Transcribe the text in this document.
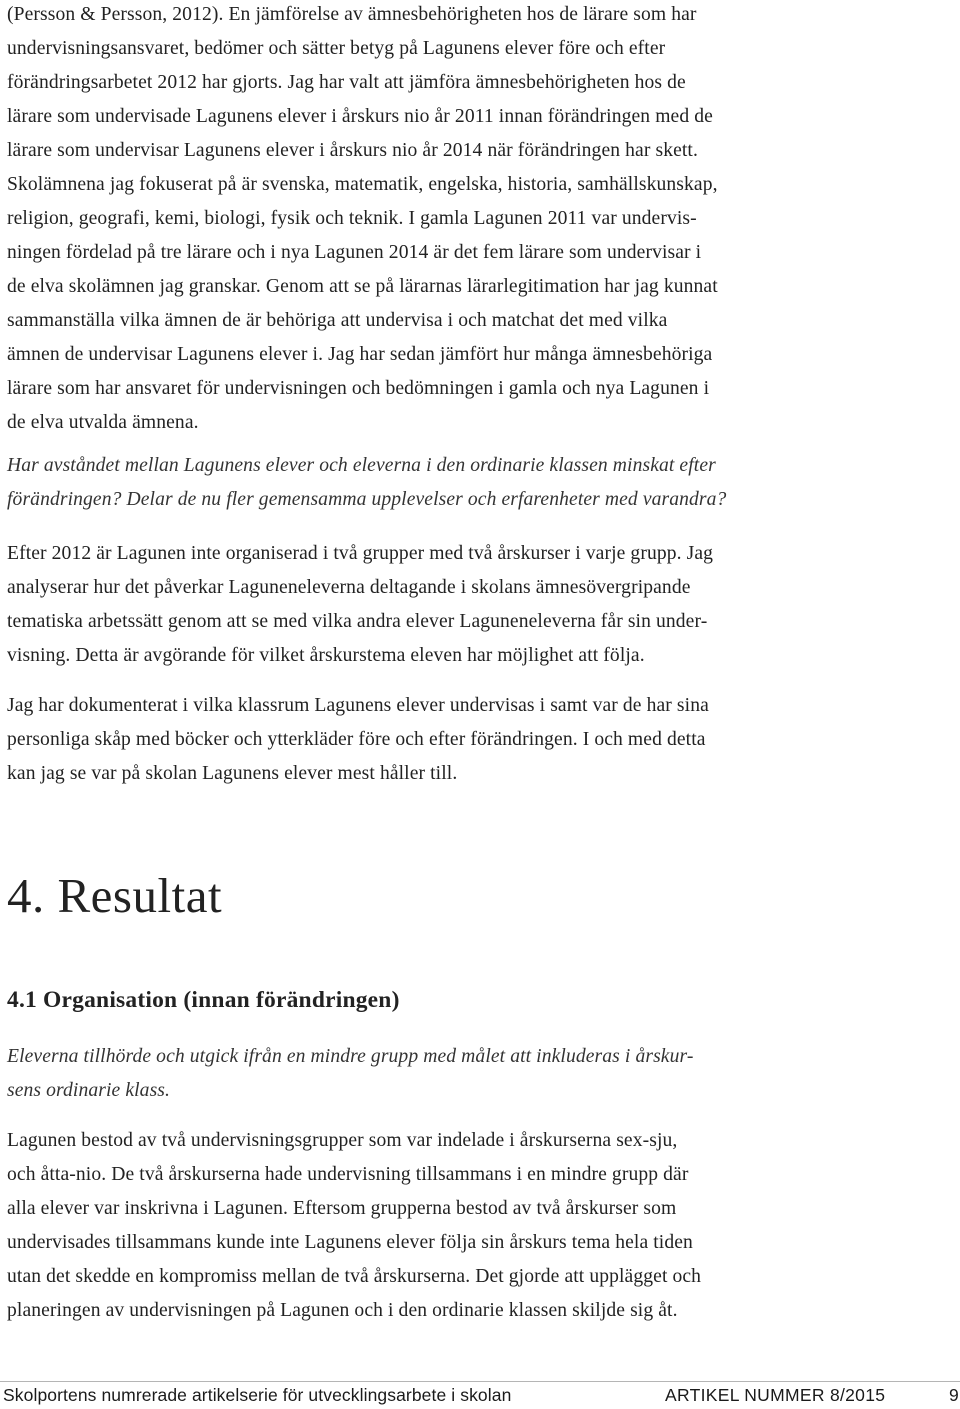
(Persson & Persson, 2012). En jämförelse av ämnesbehörigheten hos de lärare som har
undervisningsansvaret, bedömer och sätter betyg på Lagunens elever före och efter
förändringsarbetet 2012 har gjorts. Jag har valt att jämföra ämnesbehörigheten hos de
lärare som undervisade Lagunens elever i årskurs nio år 2011 innan förändringen med de
lärare som undervisar Lagunens elever i årskurs nio år 2014 när förändringen har skett.
Skolämnena jag fokuserat på är svenska, matematik, engelska, historia, samhällskunskap,
religion, geografi, kemi, biologi, fysik och teknik. I gamla Lagunen 2011 var undervis-
ningen fördelad på tre lärare och i nya Lagunen 2014 är det fem lärare som undervisar i
de elva skolämnen jag granskar. Genom att se på lärarnas lärarlegitimation har jag kunnat
sammanställa vilka ämnen de är behöriga att undervisa i och matchat det med vilka
ämnen de undervisar Lagunens elever i. Jag har sedan jämfört hur många ämnesbehöriga
lärare som har ansvaret för undervisningen och bedömningen i gamla och nya Lagunen i
de elva utvalda ämnena.

Har avståndet mellan Lagunens elever och eleverna i den ordinarie klassen minskat efter
förändringen? Delar de nu fler gemensamma upplevelser och erfarenheter med varandra?

Efter 2012 är Lagunen inte organiserad i två grupper med två årskurser i varje grupp. Jag
analyserar hur det påverkar Laguneneleverna deltagande i skolans ämnesövergripande
tematiska arbetssätt genom att se med vilka andra elever Laguneneleverna får sin under-
visning. Detta är avgörande för vilket årskurstema eleven har möjlighet att följa.

Jag har dokumenterat i vilka klassrum Lagunens elever undervisas i samt var de har sina
personliga skåp med böcker och ytterkläder före och efter förändringen. I och med detta
kan jag se var på skolan Lagunens elever mest håller till.

4. Resultat
4.1 Organisation (innan förändringen)

Eleverna tillhörde och utgick ifrån en mindre grupp med målet att inkluderas i årskur-
sens ordinarie klass.

Lagunen bestod av två undervisningsgrupper som var indelade i årskurserna sex-sju,
och åtta-nio. De två årskurserna hade undervisning tillsammans i en mindre grupp där
alla elever var inskrivna i Lagunen. Eftersom grupperna bestod av två årskurser som
undervisades tillsammans kunde inte Lagunens elever följa sin årskurs tema hela tiden
utan det skedde en kompromiss mellan de två årskurserna. Det gjorde att upplägget och
planeringen av undervisningen på Lagunen och i den ordinarie klassen skiljde sig åt.

Skolportens numrerade artikelserie för utvecklingsarbete i skolan	ARTIKEL NUMMER 8/2015	9
